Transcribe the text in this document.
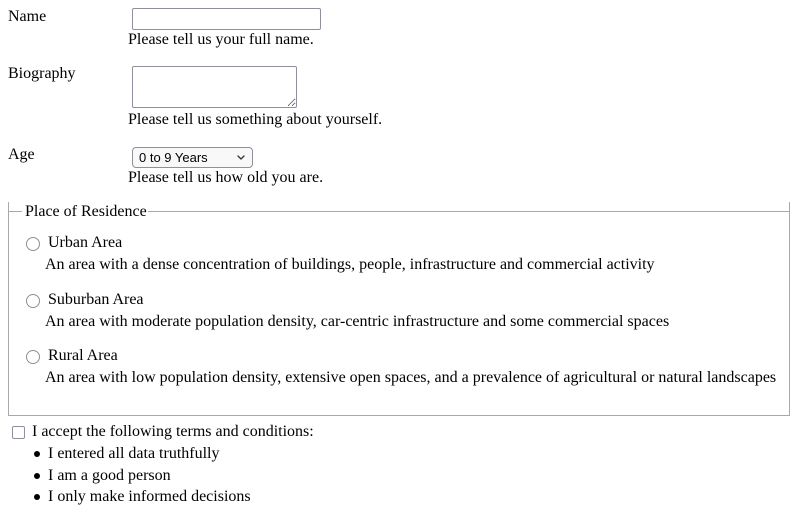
Name
Please tell us your full name.
Biography
Please tell us something about yourself.
Age	0 to 9 Years
Please tell us how old you are.
Place of Residence
Urban Area
An area with a dense concentration of buildings, people, infrastructure and commercial activity
Suburban Area
An area with moderate population density, car-centric infrastructure and some commercial spaces
Rural Area
An area with low population density, extensive open spaces, and a prevalence of agricultural or natural landscapes
I accept the following terms and conditions:
I entered all data truthfully
I am a good person
I only make informed decisions
